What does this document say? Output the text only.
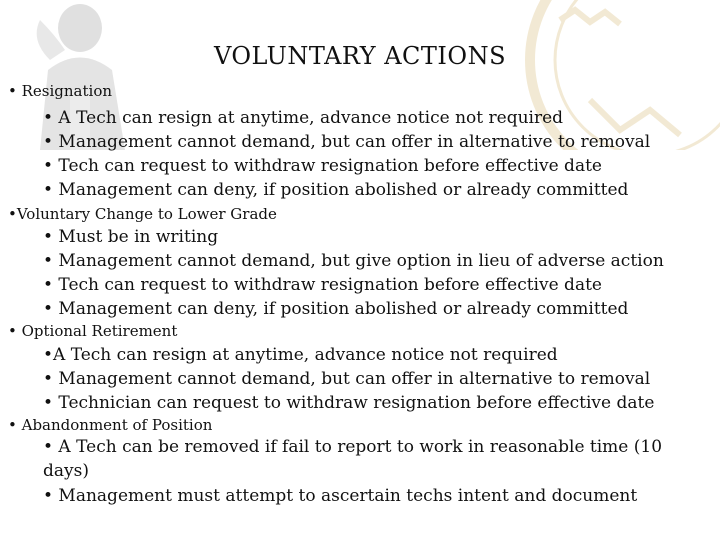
VOLUNTARY ACTIONS
• Resignation
• A Tech can resign at anytime, advance notice not required
• Management cannot demand, but can offer in alternative to removal
• Tech can request to withdraw resignation before effective date
• Management can deny, if position abolished or already committed
•Voluntary Change to Lower Grade
• Must be in writing
• Management cannot demand, but give option in lieu of adverse action
• Tech can request to withdraw resignation before effective date
• Management can deny, if position abolished or already committed
• Optional Retirement
•A Tech can resign at anytime, advance notice not required
• Management cannot demand, but can offer in alternative to removal
• Technician can request to withdraw resignation before effective date
• Abandonment of Position
• A Tech can be removed if fail to report to work in reasonable time (10
days)
• Management must attempt to ascertain techs intent and document
